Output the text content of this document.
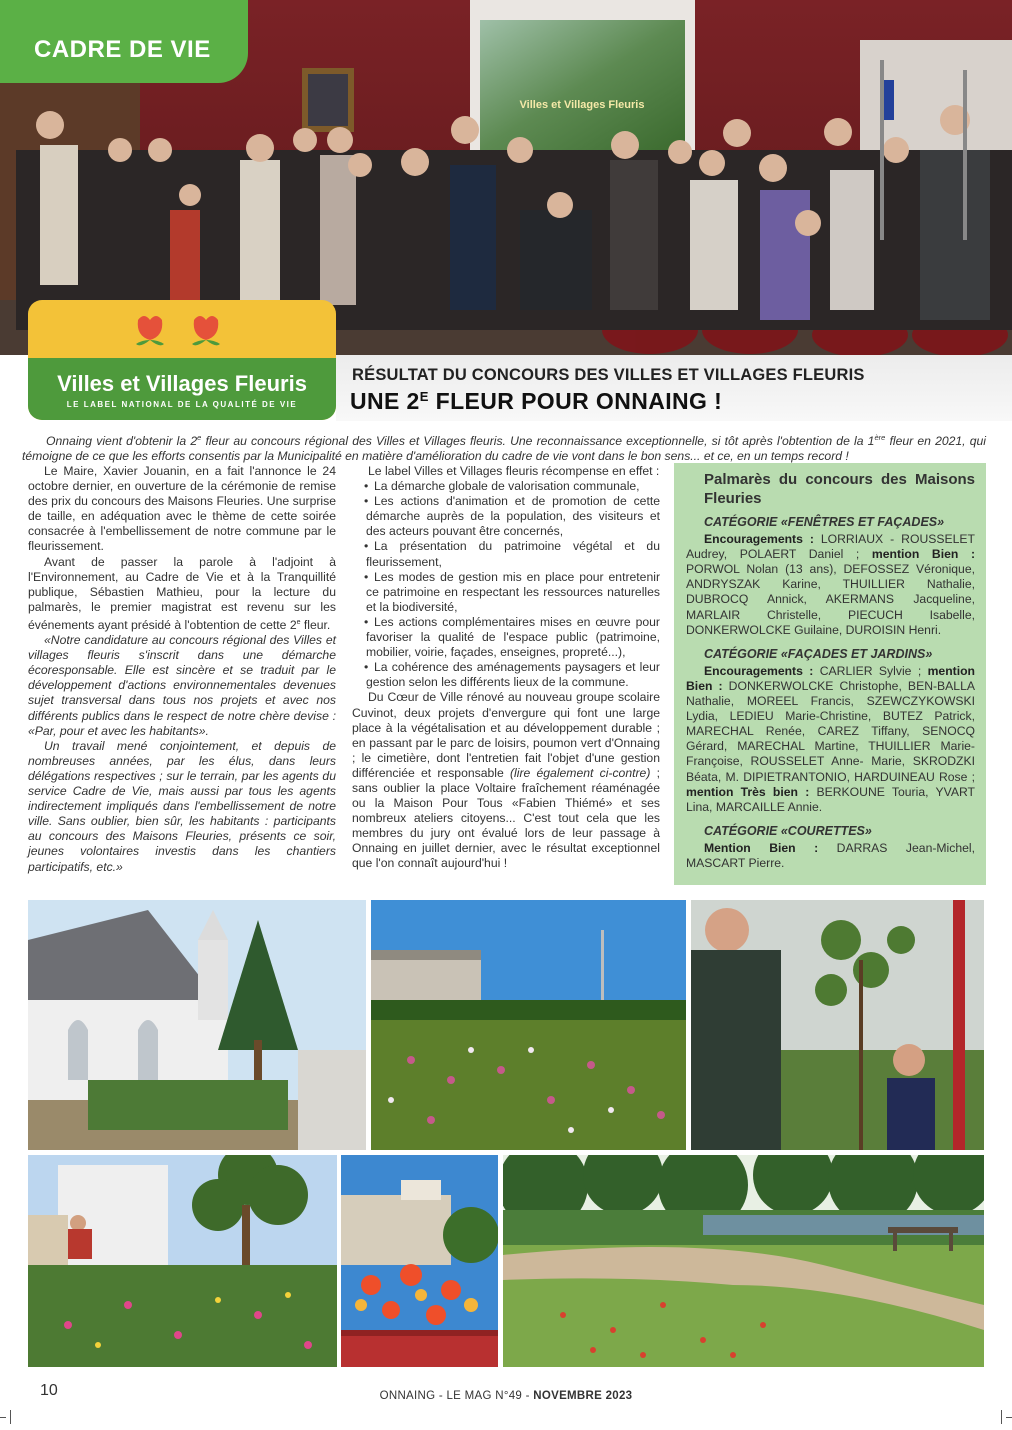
Villes et Villages Fleuris
CADRE DE VIE
Villes et Villages Fleuris
LE LABEL NATIONAL DE LA QUALITÉ DE VIE
RÉSULTAT DU CONCOURS DES VILLES ET VILLAGES FLEURIS
UNE $2^E$ FLEUR POUR ONNAING !
Onnaing vient d'obtenir la 2e fleur au concours régional des Villes et Villages fleuris. Une reconnaissance exceptionnelle, si tôt après l'obtention de la 1ère fleur en 2021, qui témoigne de ce que les efforts consentis par la Municipalité en matière d'amélioration du cadre de vie vont dans le bon sens... et ce, en un temps record !

Le Maire, Xavier Jouanin, en a fait l'annonce le 24 octobre dernier, en ouverture de la cérémonie de remise des prix du concours des Maisons Fleuries. Une surprise de taille, en adéquation avec le thème de cette soirée consacrée à l'embellissement de notre commune par le fleurissement.

Avant de passer la parole à l'adjoint à l'Environnement, au Cadre de Vie et à la Tranquillité publique, Sébastien Mathieu, pour la lecture du palmarès, le premier magistrat est revenu sur les événements ayant présidé à l'obtention de cette 2e fleur.

«Notre candidature au concours régional des Villes et villages fleuris s'inscrit dans une démarche écoresponsable. Elle est sincère et se traduit par le développement d'actions environnementales devenues sujet transversal dans tous nos projets et avec nos différents publics dans le respect de notre chère devise : «Par, pour et avec les habitants».

Un travail mené conjointement, et depuis de nombreuses années, par les élus, dans leurs délégations respectives ; sur le terrain, par les agents du service Cadre de Vie, mais aussi par tous les agents indirectement impliqués dans l'embellissement de notre ville. Sans oublier, bien sûr, les habitants : participants au concours des Maisons Fleuries, présents ce soir, jeunes volontaires investis dans les chantiers participatifs, etc.»

Le label Villes et Villages fleuris récompense en effet :

• La démarche globale de valorisation communale,

• Les actions d'animation et de promotion de cette démarche auprès de la population, des visiteurs et des acteurs pouvant être concernés,

• La présentation du patrimoine végétal et du fleurissement,

• Les modes de gestion mis en place pour entretenir ce patrimoine en respectant les ressources naturelles et la biodiversité,

• Les actions complémentaires mises en œuvre pour favoriser la qualité de l'espace public (patrimoine, mobilier, voirie, façades, enseignes, propreté...),

• La cohérence des aménagements paysagers et leur gestion selon les différents lieux de la commune.

Du Cœur de Ville rénové au nouveau groupe scolaire Cuvinot, deux projets d'envergure qui font une large place à la végétalisation et au développement durable ; en passant par le parc de loisirs, poumon vert d'Onnaing ; le cimetière, dont l'entretien fait l'objet d'une gestion différenciée et responsable (lire également ci-contre) ; sans oublier la place Voltaire fraîchement réaménagée ou la Maison Pour Tous «Fabien Thiémé» et ses nombreux ateliers citoyens... C'est tout cela que les membres du jury ont évalué lors de leur passage à Onnaing en juillet dernier, avec le résultat exceptionnel que l'on connaît aujourd'hui !

Palmarès du concours des Maisons Fleuries
CATÉGORIE «FENÊTRES ET FAÇADES»

Encouragements : LORRIAUX - ROUSSELET Audrey, POLAERT Daniel ; mention Bien : PORWOL Nolan (13 ans), DEFOSSEZ Véronique, ANDRYSZAK Karine, THUILLIER Nathalie, DUBROCQ Annick, AKERMANS Jacqueline, MARLAIR Christelle, PIECUCH Isabelle, DONKERWOLCKE Guilaine, DUROISIN Henri.

CATÉGORIE «FAÇADES ET JARDINS»

Encouragements : CARLIER Sylvie ; mention Bien : DONKERWOLCKE Christophe, BEN-BALLA Nathalie, MOREEL Francis, SZEWCZYKOWSKI Lydia, LEDIEU Marie-Christine, BUTEZ Patrick, MARECHAL Renée, CAREZ Tiffany, SENOCQ Gérard, MARECHAL Martine, THUILLIER Marie-Françoise, ROUSSELET Anne- Marie, SKRODZKI Béata, M. DIPIETRANTONIO, HARDUINEAU Rose ; mention Très bien : BERKOUNE Touria, YVART Lina, MARCAILLE Annie.

CATÉGORIE «COURETTES»

Mention Bien : DARRAS Jean-Michel, MASCART Pierre.

10	ONNAING - LE MAG N°49 - NOVEMBRE 2023
